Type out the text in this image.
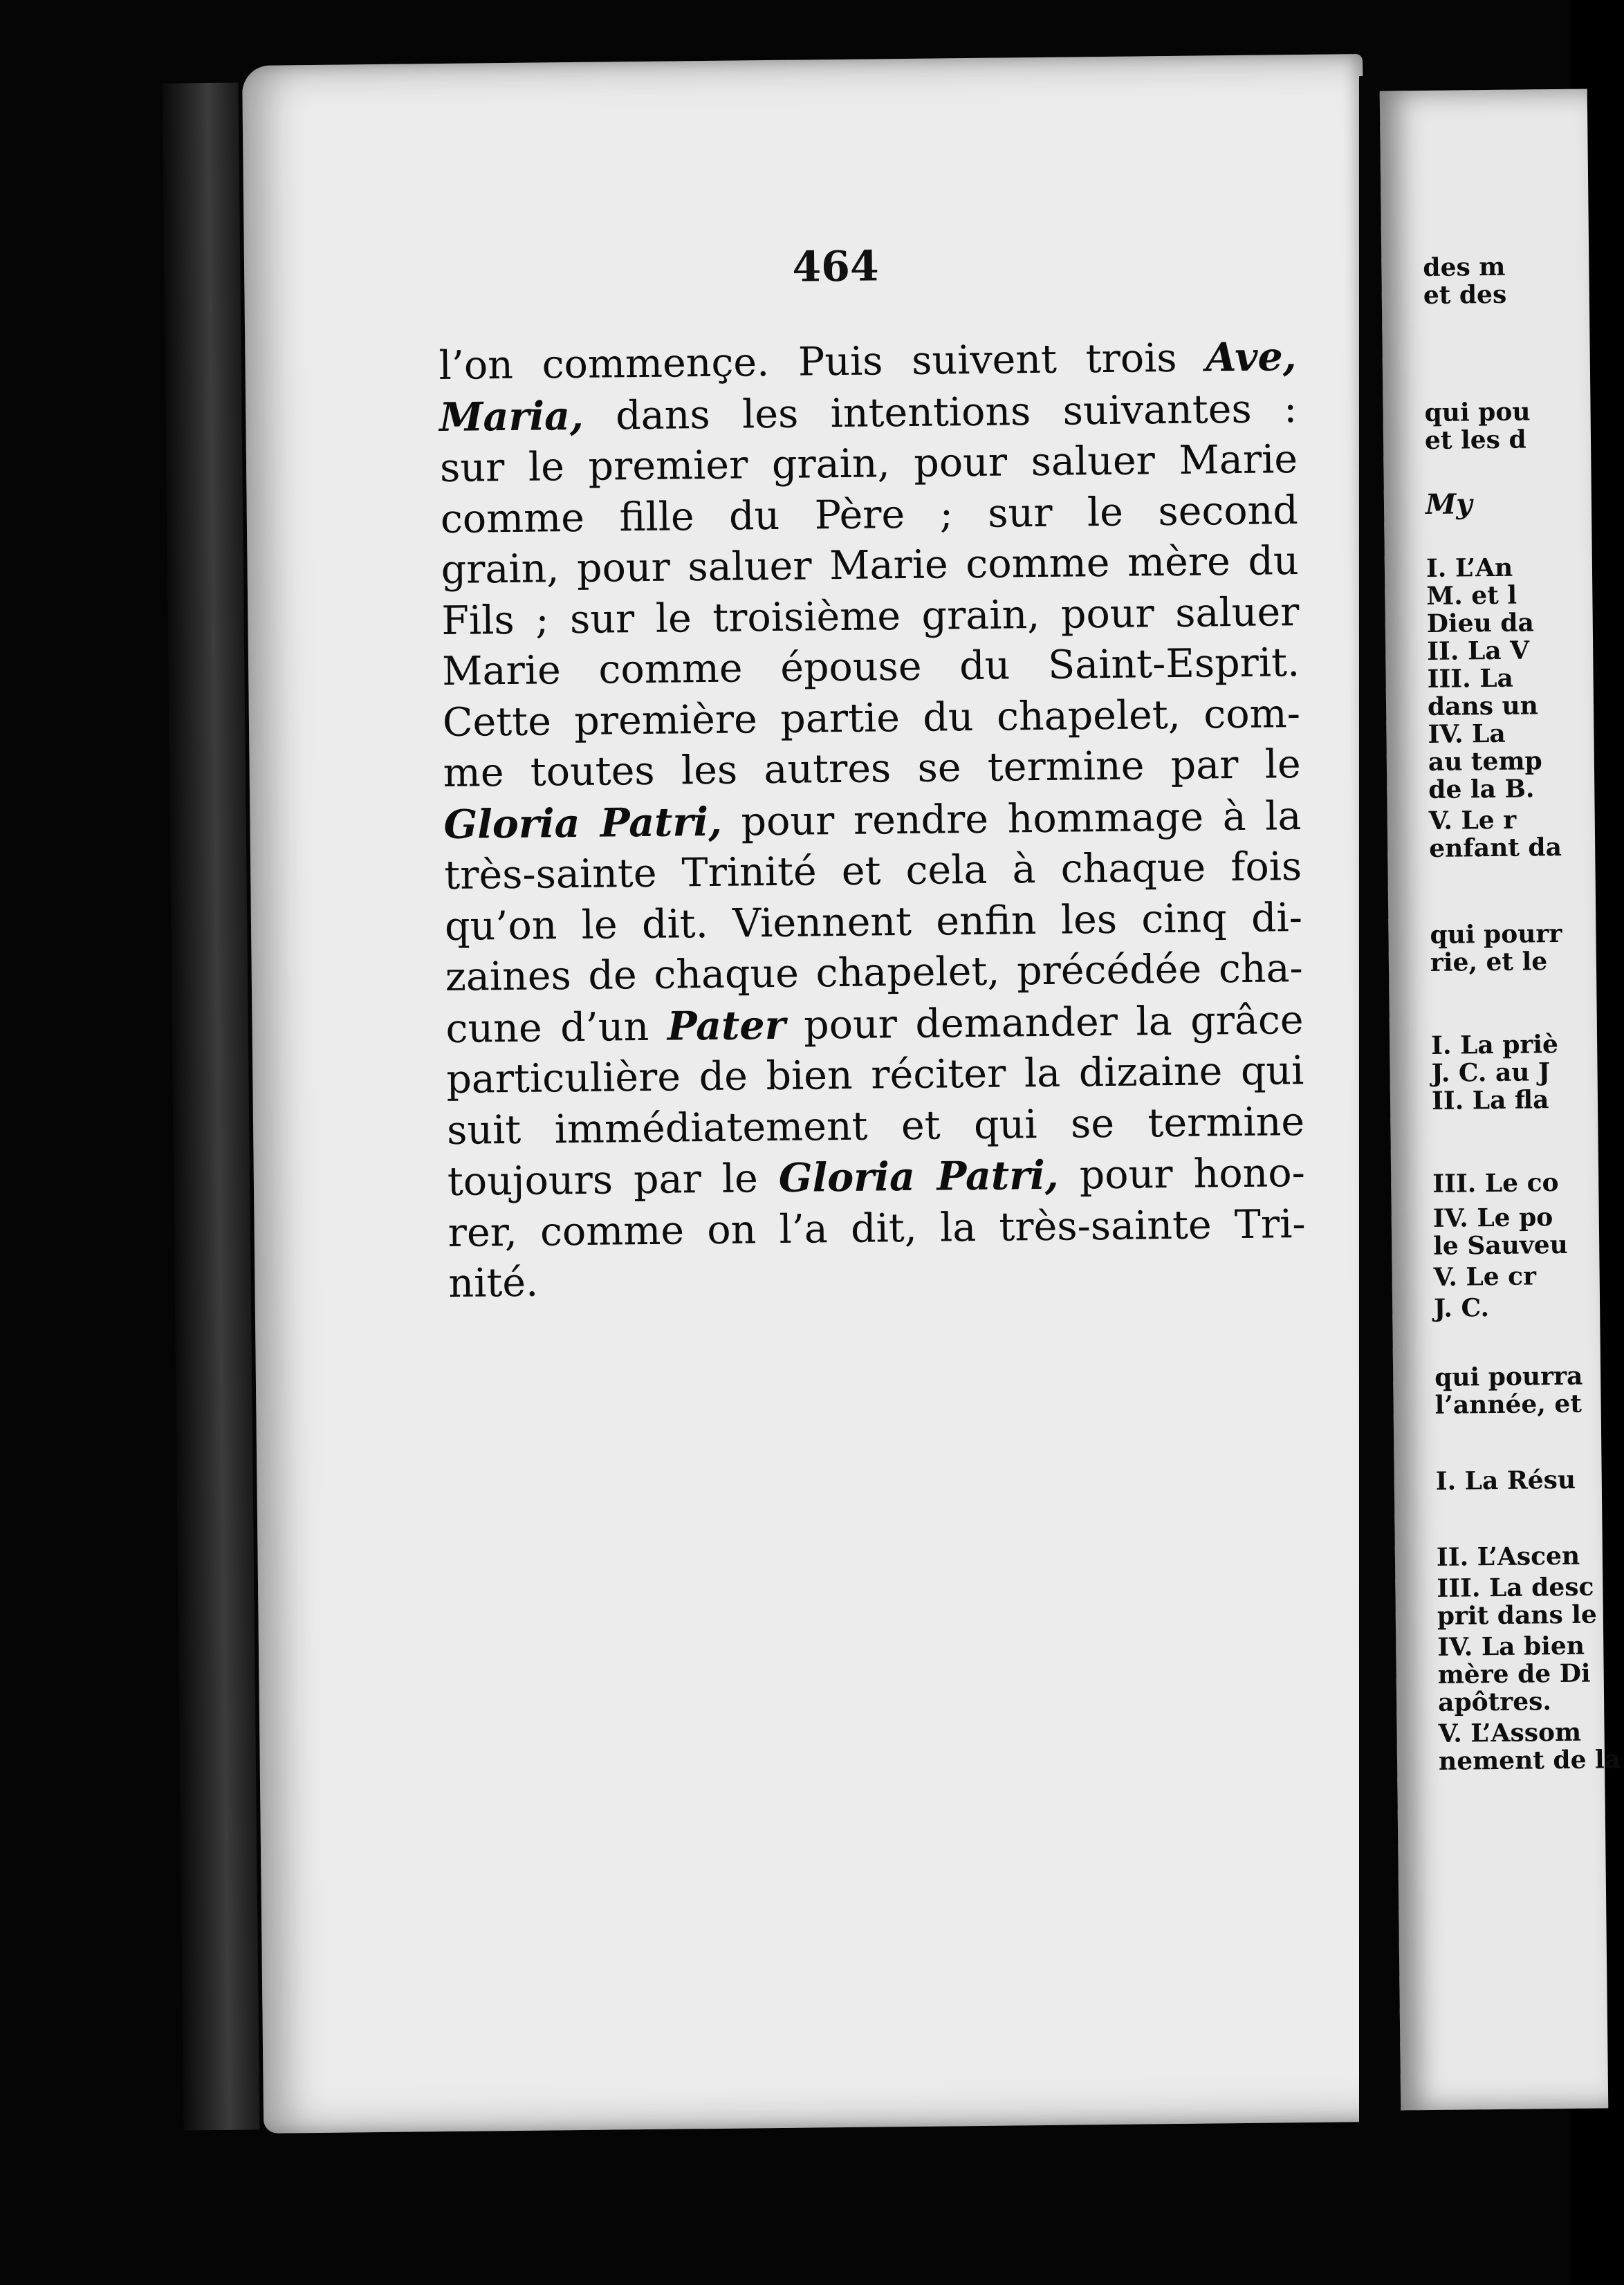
464

l’on commençe. Puis suivent trois Ave,
Maria, dans les intentions suivantes :
sur le premier grain, pour saluer Marie
comme fille du Père ; sur le second
grain, pour saluer Marie comme mère du
Fils ; sur le troisième grain, pour saluer
Marie comme épouse du Saint-Esprit.
Cette première partie du chapelet, com-
me toutes les autres se termine par le
Gloria Patri, pour rendre hommage à la
très-sainte Trinité et cela à chaque fois
qu’on le dit. Viennent enfin les cinq di-
zaines de chaque chapelet, précédée cha-
cune d’un Pater pour demander la grâce
particulière de bien réciter la dizaine qui
suit immédiatement et qui se termine
toujours par le Gloria Patri, pour hono-
rer, comme on l’a dit, la très-sainte Tri-
nité.
des m
et des
qui pou
et les d
My
I. L’An
M. et l
Dieu da
II. La V
III. La
dans un
IV. La
au temp
de la B.
V. Le r
enfant da
qui pourr
rie, et le
I. La priè
J. C. au J
II. La fla
III. Le co
IV. Le po
le Sauveu
V. Le cr
J. C.
qui pourra
l’année, et
I. La Résu
II. L’Ascen
III. La desc
prit dans le
IV. La bien
mère de Di
apôtres.
V. L’Assom
nement de la
